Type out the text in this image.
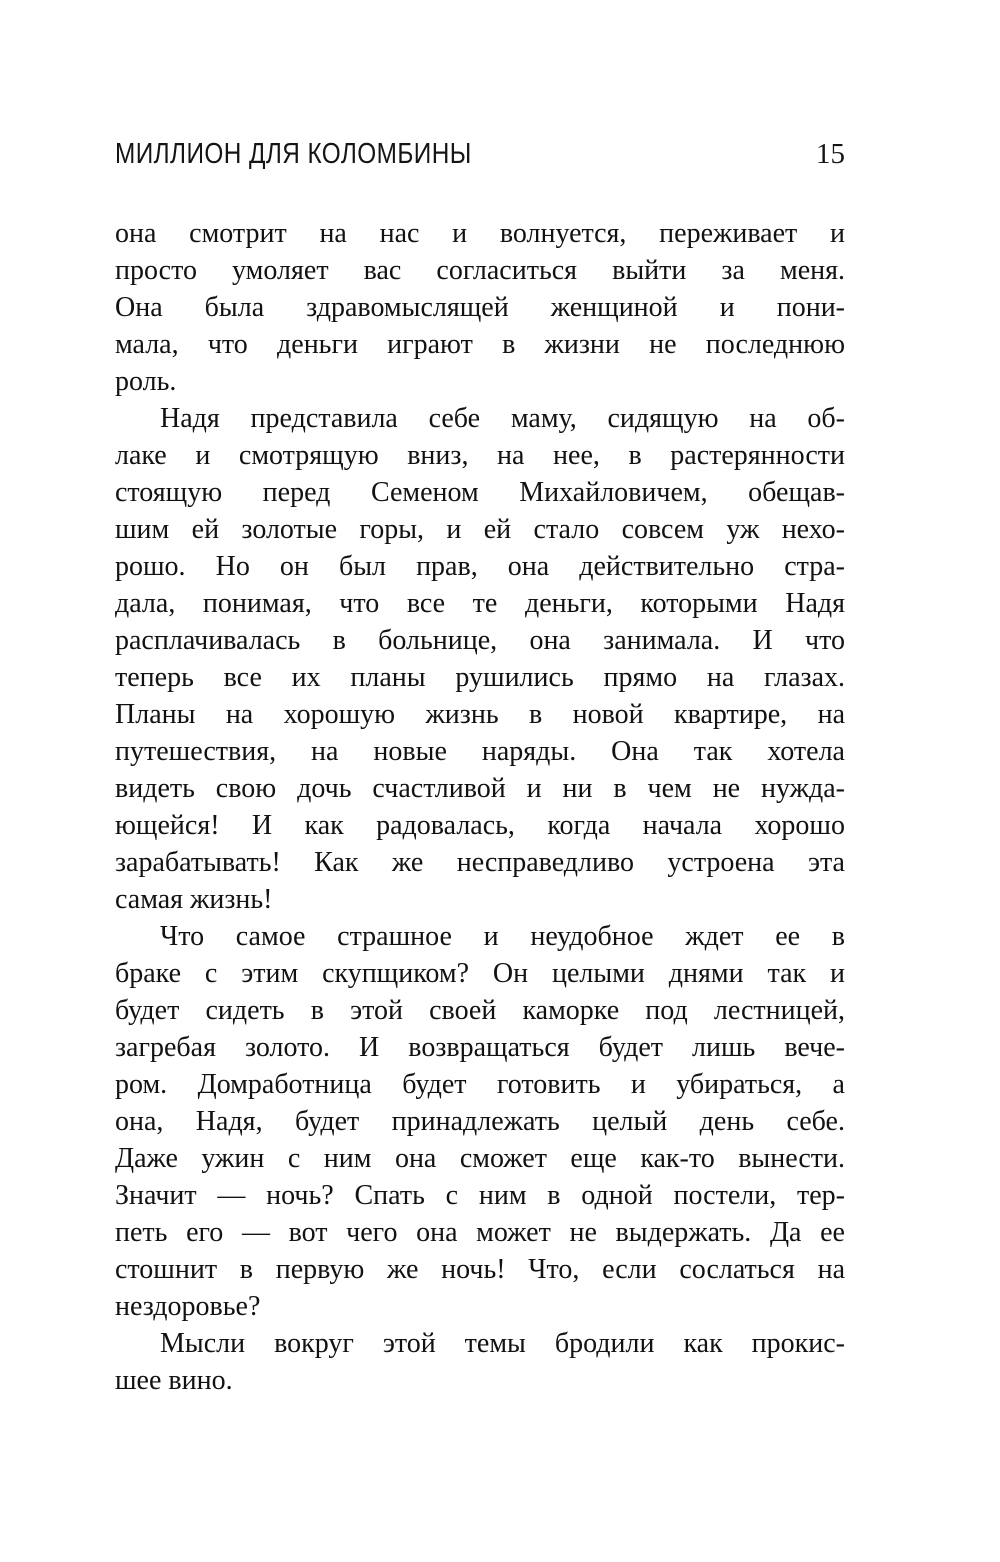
МИЛЛИОН ДЛЯ КОЛОМБИНЫ	15
она смотрит на нас и волнуется, переживает и
просто умоляет вас согласиться выйти за меня.
Она была здравомыслящей женщиной и пони-
мала, что деньги играют в жизни не последнюю
роль.
Надя представила себе маму, сидящую на об-
лаке и смотрящую вниз, на нее, в растерянности
стоящую перед Семеном Михайловичем, обещав-
шим ей золотые горы, и ей стало совсем уж нехо-
рошо. Но он был прав, она действительно стра-
дала, понимая, что все те деньги, которыми Надя
расплачивалась в больнице, она занимала. И что
теперь все их планы рушились прямо на глазах.
Планы на хорошую жизнь в новой квартире, на
путешествия, на новые наряды. Она так хотела
видеть свою дочь счастливой и ни в чем не нужда-
ющейся! И как радовалась, когда начала хорошо
зарабатывать! Как же несправедливо устроена эта
самая жизнь!
Что самое страшное и неудобное ждет ее в
браке с этим скупщиком? Он целыми днями так и
будет сидеть в этой своей каморке под лестницей,
загребая золото. И возвращаться будет лишь вече-
ром. Домработница будет готовить и убираться, а
она, Надя, будет принадлежать целый день себе.
Даже ужин с ним она сможет еще как-то вынести.
Значит — ночь? Спать с ним в одной постели, тер-
петь его — вот чего она может не выдержать. Да ее
стошнит в первую же ночь! Что, если сослаться на
нездоровье?
Мысли вокруг этой темы бродили как прокис-
шее вино.
